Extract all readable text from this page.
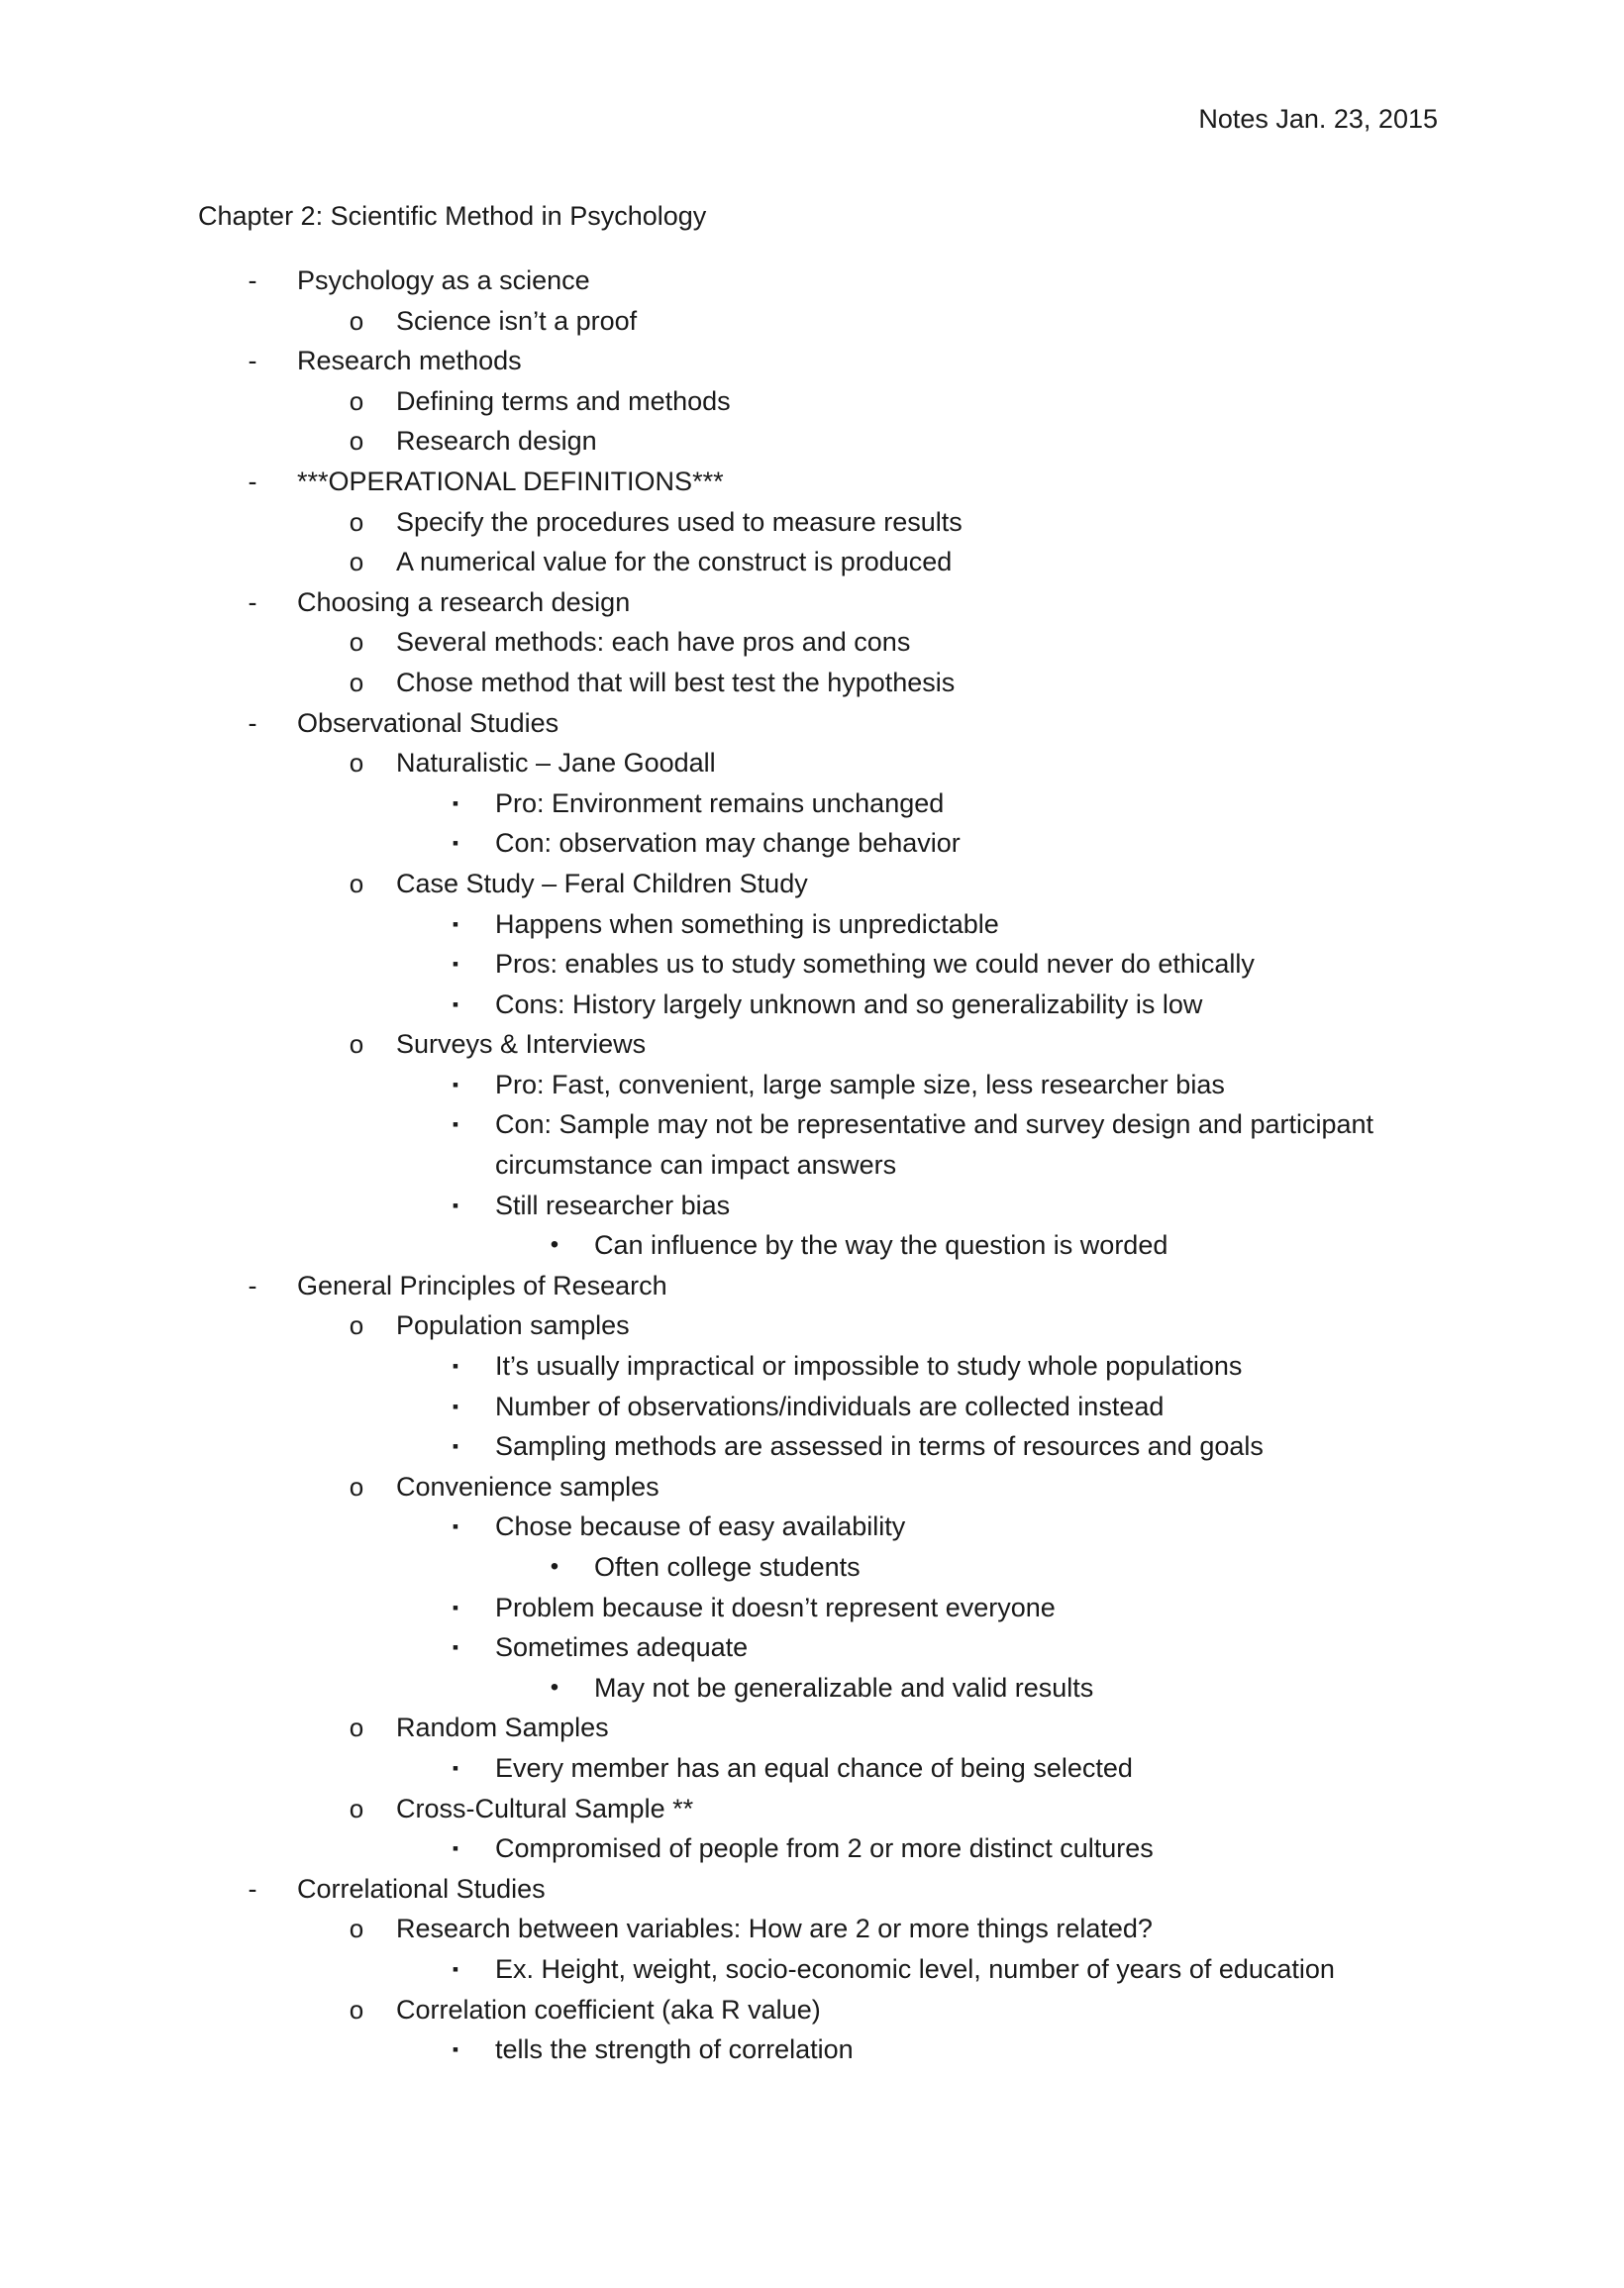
Notes Jan. 23, 2015
Chapter 2: Scientific Method in Psychology
-	Psychology as a science
o Science isn’t a proof
-	Research methods
o Defining terms and methods
o Research design
-	***OPERATIONAL DEFINITIONS***
o Specify the procedures used to measure results
o A numerical value for the construct is produced
-	Choosing a research design
o Several methods: each have pros and cons
o Chose method that will best test the hypothesis
-	Observational Studies
o Naturalistic – Jane Goodall
▪	Pro: Environment remains unchanged
▪	Con: observation may change behavior
o Case Study – Feral Children Study
▪	Happens when something is unpredictable
▪	Pros: enables us to study something we could never do ethically
▪	Cons: History largely unknown and so generalizability is low
o Surveys & Interviews
▪	Pro: Fast, convenient, large sample size, less researcher bias
▪	Con: Sample may not be representative and survey design and participant circumstance can impact answers
▪	Still researcher bias
•	Can influence by the way the question is worded
-	General Principles of Research
o Population samples
▪	It’s usually impractical or impossible to study whole populations
▪	Number of observations/individuals are collected instead
▪	Sampling methods are assessed in terms of resources and goals
o Convenience samples
▪	Chose because of easy availability
•	Often college students
▪	Problem because it doesn’t represent everyone
▪	Sometimes adequate
•	May not be generalizable and valid results
o Random Samples
▪	Every member has an equal chance of being selected
o Cross-Cultural Sample **
▪	Compromised of people from 2 or more distinct cultures
-	Correlational Studies
o Research between variables: How are 2 or more things related?
▪	Ex. Height, weight, socio-economic level, number of years of education
o Correlation coefficient (aka R value)
▪	tells the strength of correlation
